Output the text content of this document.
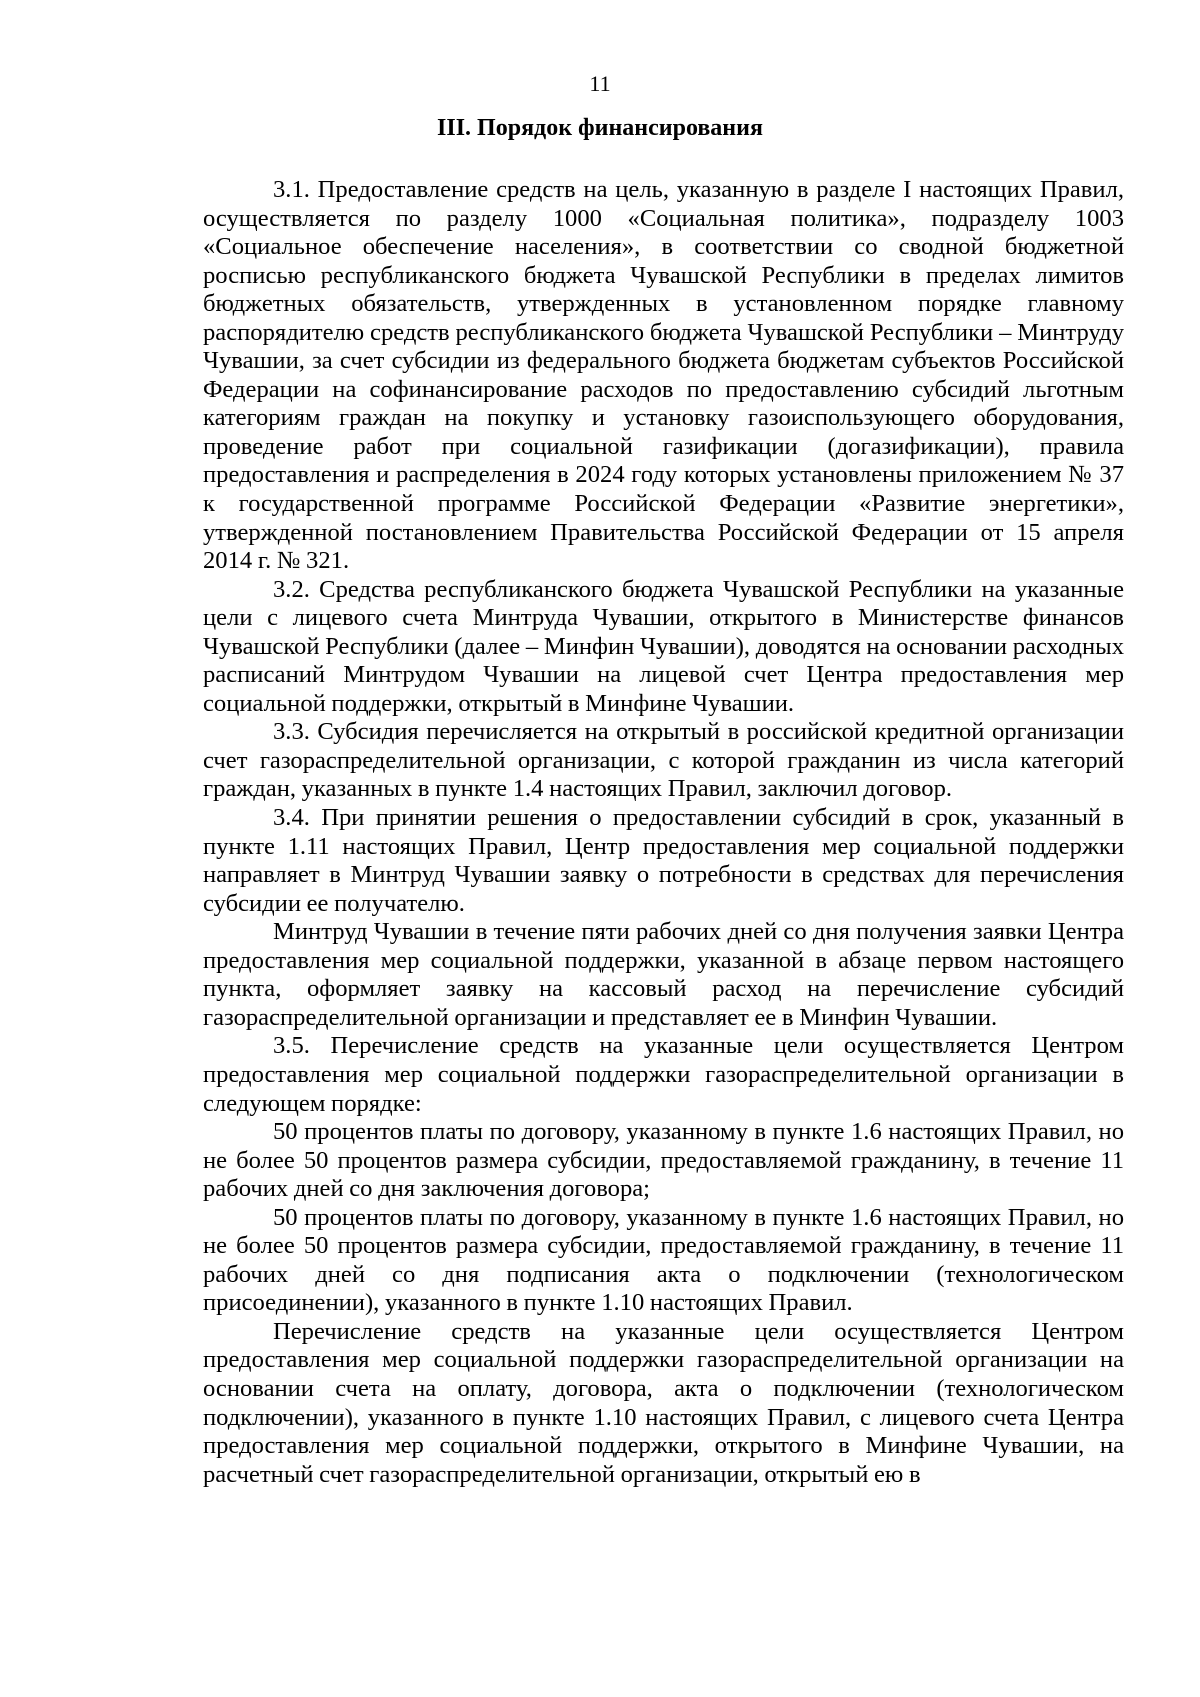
11
III. Порядок финансирования

3.1. Предоставление средств на цель, указанную в разделе I настоящих Правил, осуществляется по разделу 1000 «Социальная политика», подразделу 1003 «Социальное обеспечение населения», в соответствии со сводной бюджетной росписью республиканского бюджета Чувашской Республики в пределах лимитов бюджетных обязательств, утвержденных в установленном порядке главному распорядителю средств республиканского бюджета Чувашской Республики – Минтруду Чувашии, за счет субсидии из федерального бюджета бюджетам субъектов Российской Федерации на софинансирование расходов по предоставлению субсидий льготным категориям граждан на покупку и установку газоиспользующего оборудования, проведение работ при социальной газификации (догазификации), правила предоставления и распределения в 2024 году которых установлены приложением № 37 к государственной программе Российской Федерации «Развитие энергетики», утвержденной постановлением Правительства Российской Федерации от 15 апреля 2014 г. № 321.

3.2. Средства республиканского бюджета Чувашской Республики на указанные цели с лицевого счета Минтруда Чувашии, открытого в Министерстве финансов Чувашской Республики (далее – Минфин Чувашии), доводятся на основании расходных расписаний Минтрудом Чувашии на лицевой счет Центра предоставления мер социальной поддержки, открытый в Минфине Чувашии.

3.3. Субсидия перечисляется на открытый в российской кредитной организации счет газораспределительной организации, с которой гражданин из числа категорий граждан, указанных в пункте 1.4 настоящих Правил, заключил договор.

3.4. При принятии решения о предоставлении субсидий в срок, указанный в пункте 1.11 настоящих Правил, Центр предоставления мер социальной поддержки направляет в Минтруд Чувашии заявку о потребности в средствах для перечисления субсидии ее получателю.

Минтруд Чувашии в течение пяти рабочих дней со дня получения заявки Центра предоставления мер социальной поддержки, указанной в абзаце первом настоящего пункта, оформляет заявку на кассовый расход на перечисление субсидий газораспределительной организации и представляет ее в Минфин Чувашии.

3.5. Перечисление средств на указанные цели осуществляется Центром предоставления мер социальной поддержки газораспределительной организации в следующем порядке:

50 процентов платы по договору, указанному в пункте 1.6 настоящих Правил, но не более 50 процентов размера субсидии, предоставляемой гражданину, в течение 11 рабочих дней со дня заключения договора;

50 процентов платы по договору, указанному в пункте 1.6 настоящих Правил, но не более 50 процентов размера субсидии, предоставляемой гражданину, в течение 11 рабочих дней со дня подписания акта о подключении (технологическом присоединении), указанного в пункте 1.10 настоящих Правил.

Перечисление средств на указанные цели осуществляется Центром предоставления мер социальной поддержки газораспределительной организации на основании счета на оплату, договора, акта о подключении (технологическом подключении), указанного в пункте 1.10 настоящих Правил, с лицевого счета Центра предоставления мер социальной поддержки, открытого в Минфине Чувашии, на расчетный счет газораспределительной организации, открытый ею в
